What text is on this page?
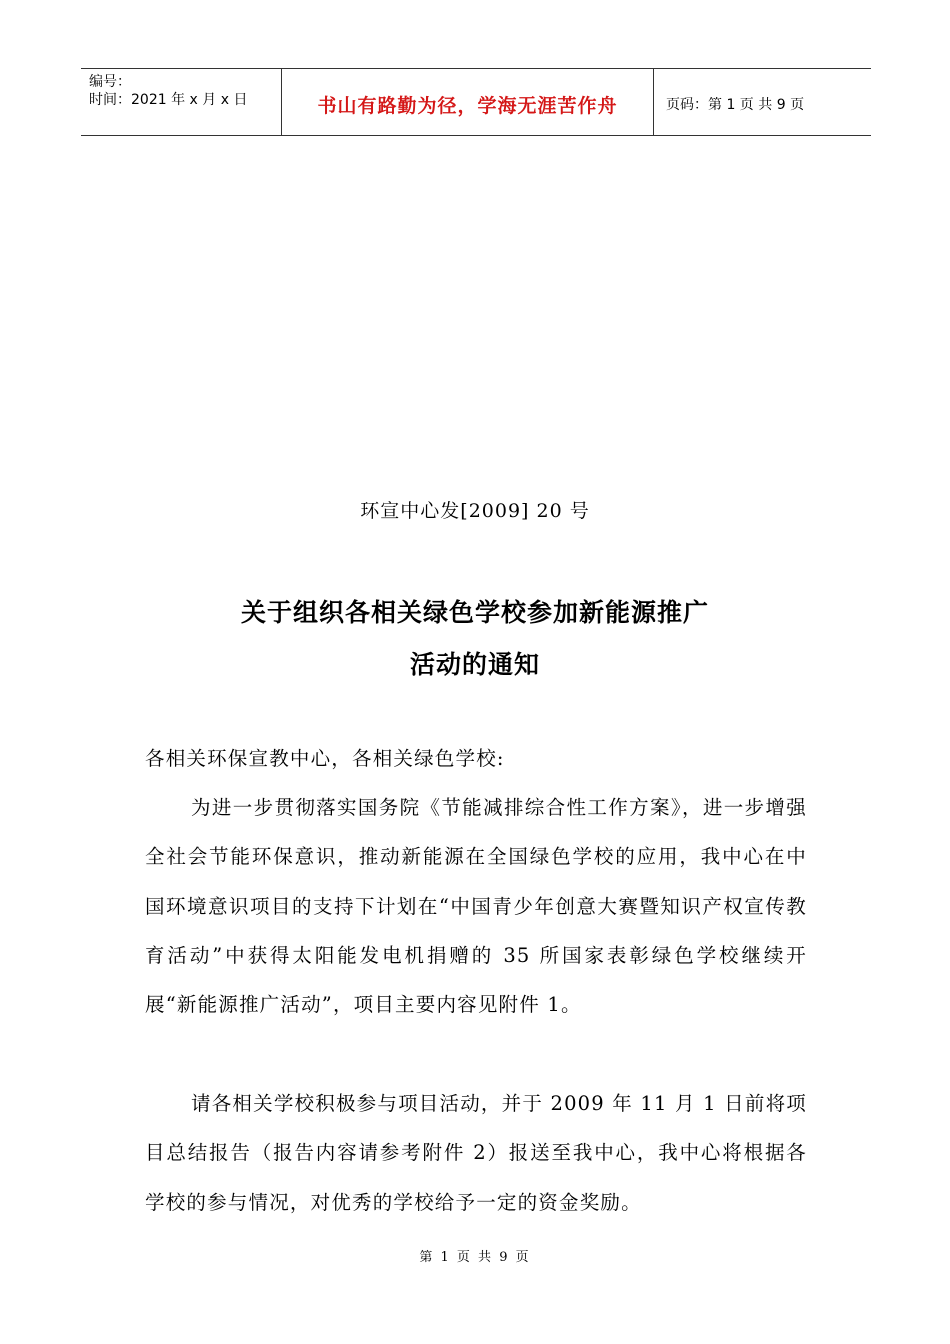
编号：
时间：2021 年 x 月 x 日	书山有路勤为径，学海无涯苦作舟	页码：第 1 页 共 9 页
环宣中心发[2009] 20 号
关于组织各相关绿色学校参加新能源推广
活动的通知
各相关环保宣教中心，各相关绿色学校:
为进一步贯彻落实国务院《节能减排综合性工作方案》，进一步增强全社会节能环保意识，推动新能源在全国绿色学校的应用，我中心在中国环境意识项目的支持下计划在“中国青少年创意大赛暨知识产权宣传教育活动”中获得太阳能发电机捐赠的 35 所国家表彰绿色学校继续开展“新能源推广活动”，项目主要内容见附件 1。
请各相关学校积极参与项目活动，并于 2009 年 11 月 1 日前将项目总结报告（报告内容请参考附件 2）报送至我中心，我中心将根据各学校的参与情况，对优秀的学校给予一定的资金奖励。
第 1 页 共 9 页
